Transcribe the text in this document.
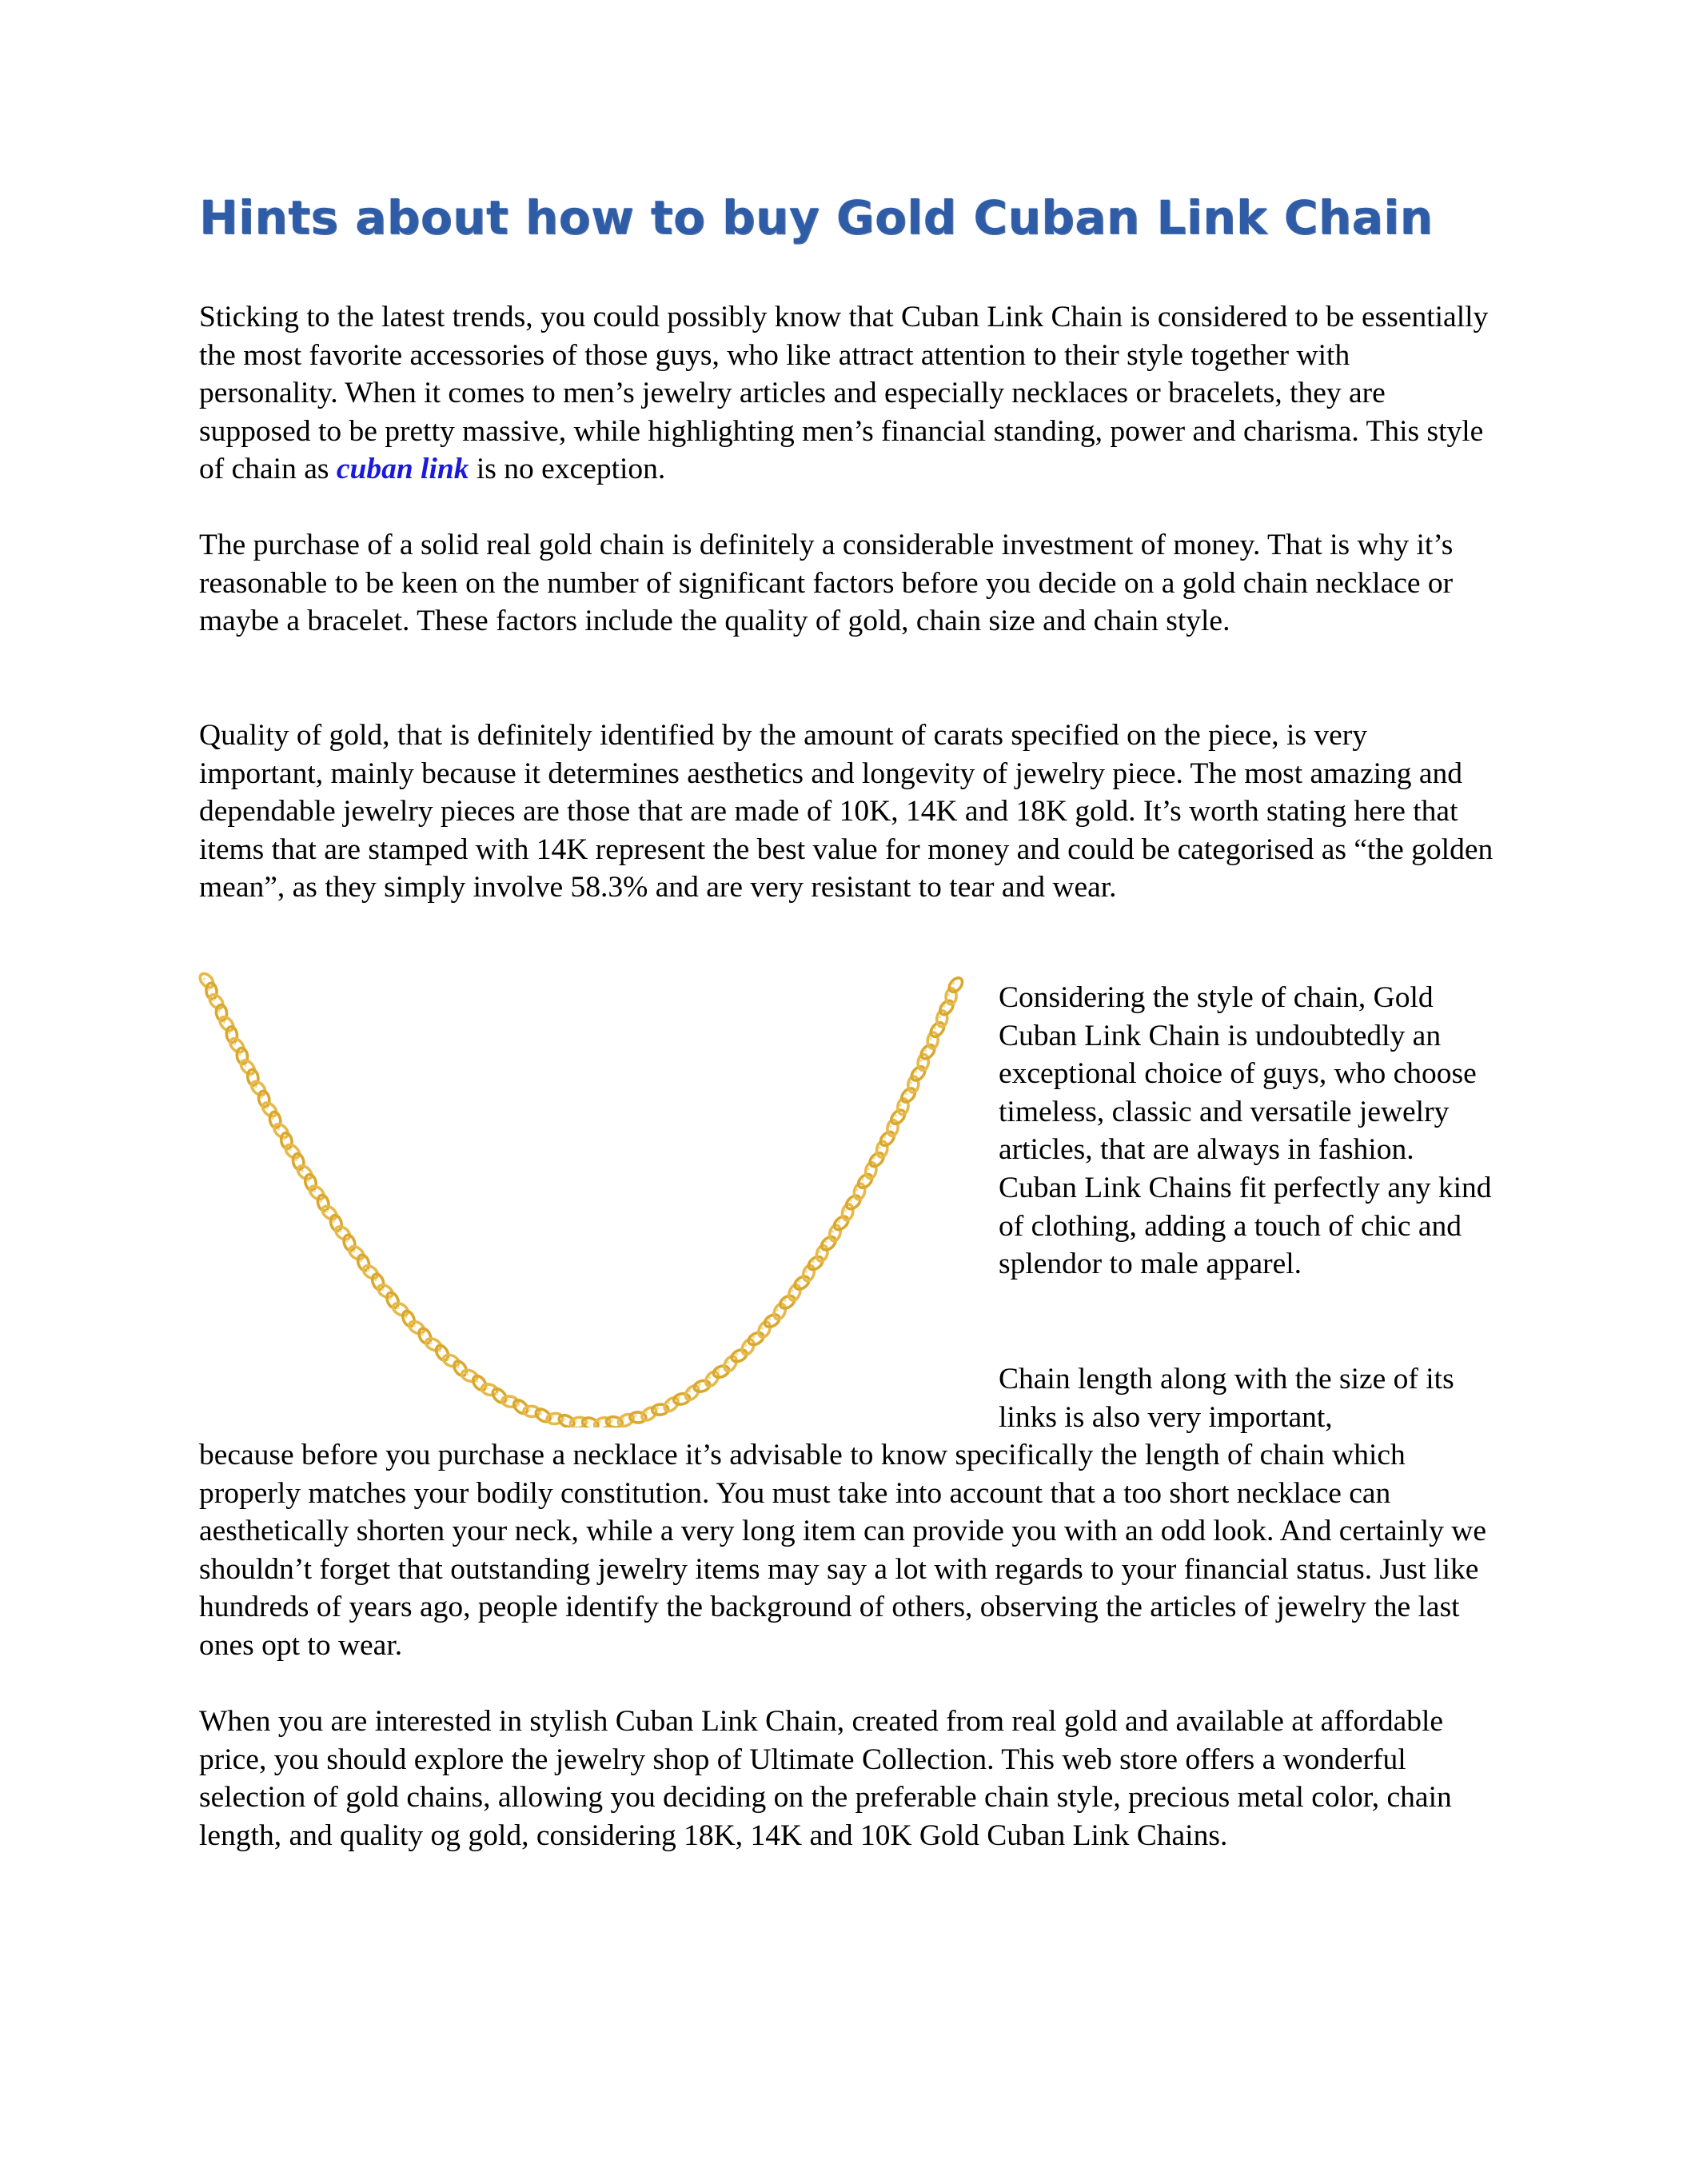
Hints about how to buy Gold Cuban Link Chain

Sticking to the latest trends, you could possibly know that Cuban Link Chain is considered to be essentially the most favorite accessories of those guys, who like attract attention to their style together with personality. When it comes to men’s jewelry articles and especially necklaces or bracelets, they are supposed to be pretty massive, while highlighting men’s financial standing, power and charisma. This style of chain as cuban link is no exception.

The purchase of a solid real gold chain is definitely a considerable investment of money. That is why it’s reasonable to be keen on the number of significant factors before you decide on a gold chain necklace or maybe a bracelet. These factors include the quality of gold, chain size and chain style.

Quality of gold, that is definitely identified by the amount of carats specified on the piece, is very important, mainly because it determines aesthetics and longevity of jewelry piece. The most amazing and dependable jewelry pieces are those that are made of 10K, 14K and 18K gold. It’s worth stating here that items that are stamped with 14K represent the best value for money and could be categorised as “the golden mean”, as they simply involve 58.3% and are very resistant to tear and wear.

Considering the style of chain, Gold Cuban Link Chain is undoubtedly an exceptional choice of guys, who choose timeless, classic and versatile jewelry articles, that are always in fashion. Cuban Link Chains fit perfectly any kind of clothing, adding a touch of chic and splendor to male apparel.

Chain length along with the size of its links is also very important,

because before you purchase a necklace it’s advisable to know specifically the length of chain which properly matches your bodily constitution. You must take into account that a too short necklace can aesthetically shorten your neck, while a very long item can provide you with an odd look. And certainly we shouldn’t forget that outstanding jewelry items may say a lot with regards to your financial status. Just like hundreds of years ago, people identify the background of others, observing the articles of jewelry the last ones opt to wear.

When you are interested in stylish Cuban Link Chain, created from real gold and available at affordable price, you should explore the jewelry shop of Ultimate Collection. This web store offers a wonderful selection of gold chains, allowing you deciding on the preferable chain style, precious metal color, chain length, and quality og gold, considering 18K, 14K and 10K Gold Cuban Link Chains.
